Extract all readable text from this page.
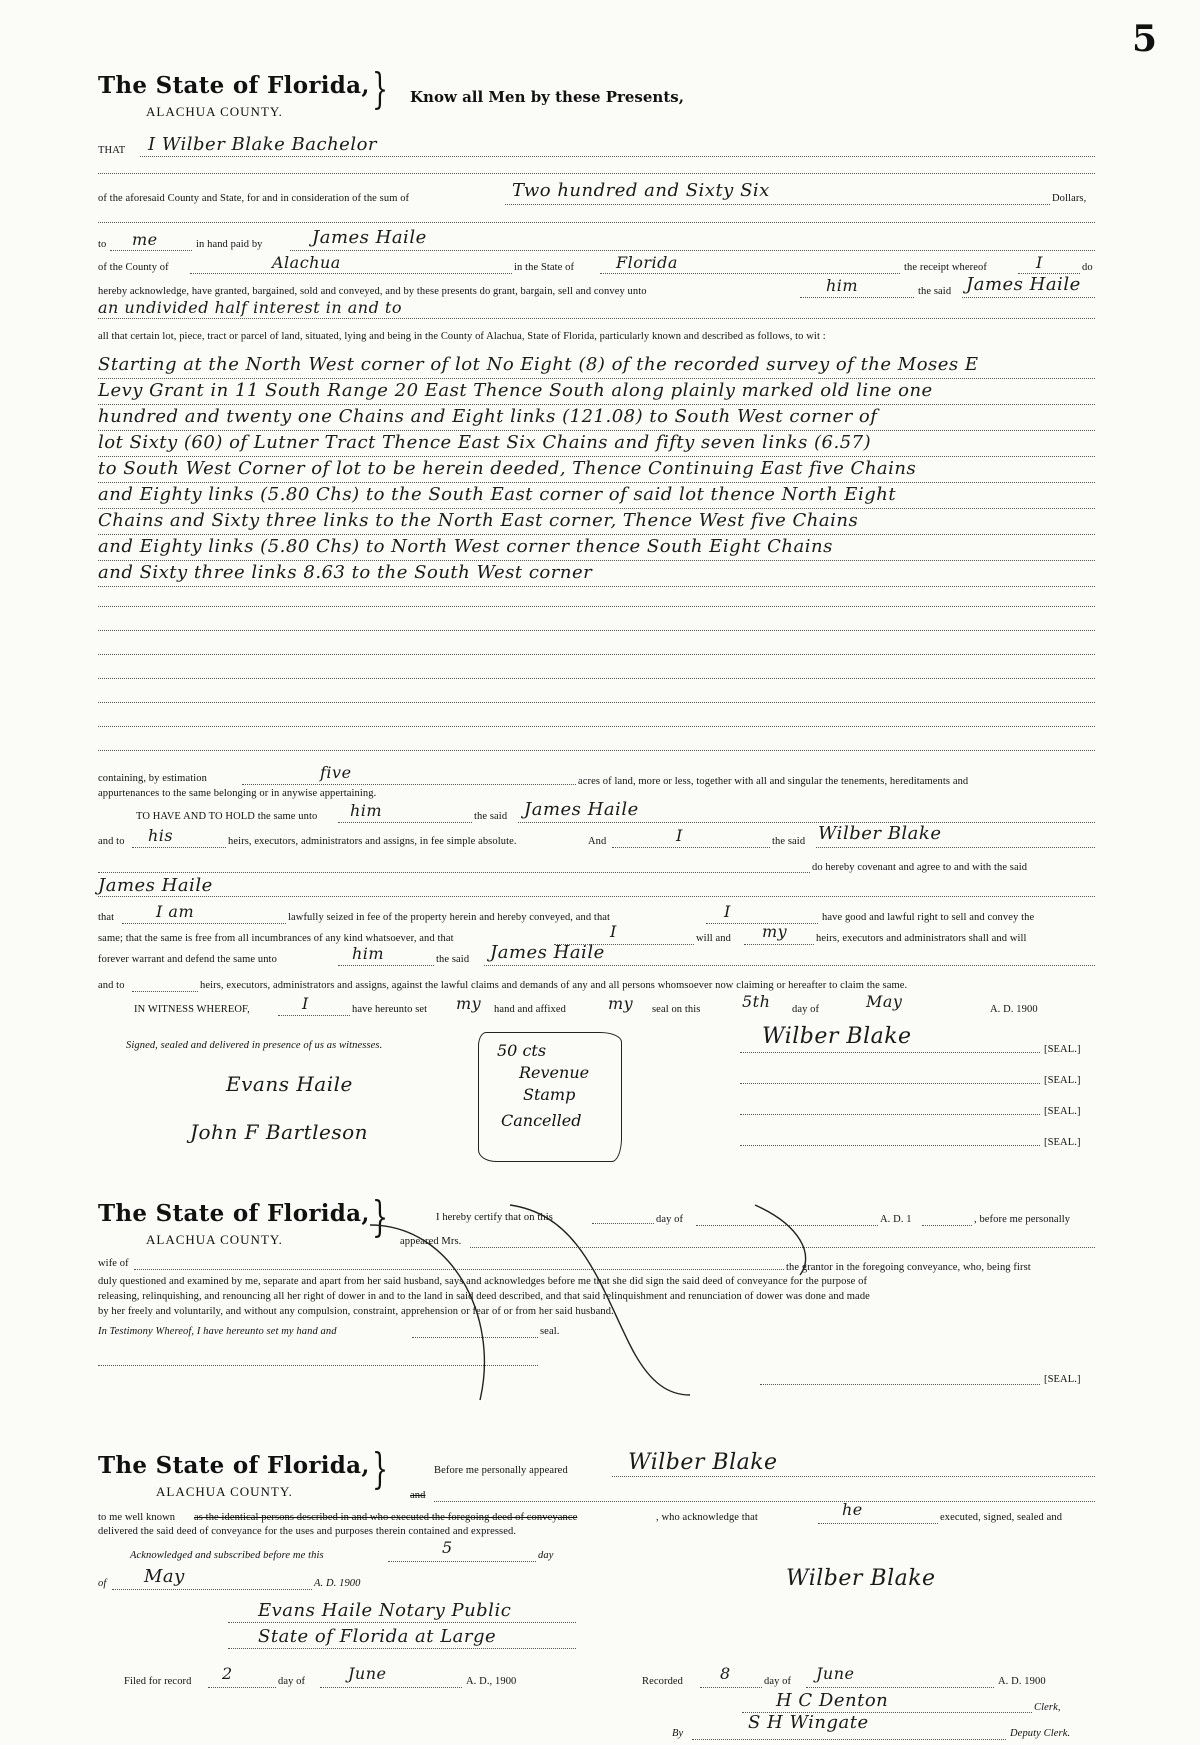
5
The State of Florida,
ALACHUA COUNTY. } Know all Men by these Presents,
THAT I Wilber Blake Bachelor
of the aforesaid County and State, for and in consideration of the sum of	Two hundred and Sixty Six	Dollars,
to me	in hand paid by	James Haile
of the County of	Alachua	in the State of	Florida	the receipt whereof	I	do
hereby acknowledge, have granted, bargained, sold and conveyed, and by these presents do grant, bargain, sell and convey unto	him	the said James Haile
an undivided half interest in and to
all that certain lot, piece, tract or parcel of land, situated, lying and being in the County of Alachua, State of Florida, particularly known and described as follows, to wit :
Starting at the North West corner of lot No Eight (8) of the recorded survey of the Moses E
Levy Grant in 11 South Range 20 East Thence South along plainly marked old line one
hundred and twenty one Chains and Eight links (121.08) to South West corner of
lot Sixty (60) of Lutner Tract Thence East Six Chains and fifty seven links (6.57)
to South West Corner of lot to be herein deeded, Thence Continuing East five Chains
and Eighty links (5.80 Chs) to the South East corner of said lot thence North Eight
Chains and Sixty three links to the North East corner, Thence West five Chains
and Eighty links (5.80 Chs) to North West corner thence South Eight Chains
and Sixty three links 8.63 to the South West corner
containing, by estimation	five	acres of land, more or less, together with all and singular the tenements, hereditaments and
appurtenances to the same belonging or in anywise appertaining.
TO HAVE AND TO HOLD the same unto him	the said James Haile
and to his	heirs, executors, administrators and assigns, in fee simple absolute.	And	I	the said Wilber Blake
do hereby covenant and agree to and with the said
James Haile
that	I am	lawfully seized in fee of the property herein and hereby conveyed, and that	I	have good and lawful right to sell and convey the
same; that the same is free from all incumbrances of any kind whatsoever, and that	I	will and my	heirs, executors and administrators shall and will
forever warrant and defend the same unto	him	the said James Haile
and to	heirs, executors, administrators and assigns, against the lawful claims and demands of any and all persons whomsoever now claiming or hereafter to claim the same.
IN WITNESS WHEREOF,	I	have hereunto set my hand and affixed	my seal on this	5th day of	May	A. D. 1900
Signed, sealed and delivered in presence of us as witnesses.	Wilber Blake
[SEAL.]
[SEAL.]
[SEAL.]
[SEAL.]
Evans Haile
John F Bartleson
50 cts
Revenue
Stamp
Cancelled
The State of Florida,
ALACHUA COUNTY. }	I hereby certify that on this	day of	A. D. 1	, before me personally
appeared Mrs.
wife of	the grantor in the foregoing conveyance, who, being first
duly questioned and examined by me, separate and apart from her said husband, says and acknowledges before me that she did sign the said deed of conveyance for the purpose of
releasing, relinquishing, and renouncing all her right of dower in and to the land in said deed described, and that said relinquishment and renunciation of dower was done and made
by her freely and voluntarily, and without any compulsion, constraint, apprehension or fear of or from her said husband.
In Testimony Whereof, I have hereunto set my hand and	seal.
[SEAL.]
The State of Florida,
ALACHUA COUNTY. }	Before me personally appeared	Wilber Blake
and
to me well known as the identical persons described in and who executed the foregoing deed of conveyance	, who acknowledge that	he	executed, signed, sealed and
delivered the said deed of conveyance for the uses and purposes therein contained and expressed.
Acknowledged and subscribed before me this	5	day
of May	A. D. 1900	Wilber Blake
Evans Haile Notary Public
State of Florida at Large
Filed for record 2	day of	June	A. D., 1900	Recorded 8	day of June	A. D. 1900
H C Denton	Clerk,
By
S H Wingate
Deputy Clerk.
